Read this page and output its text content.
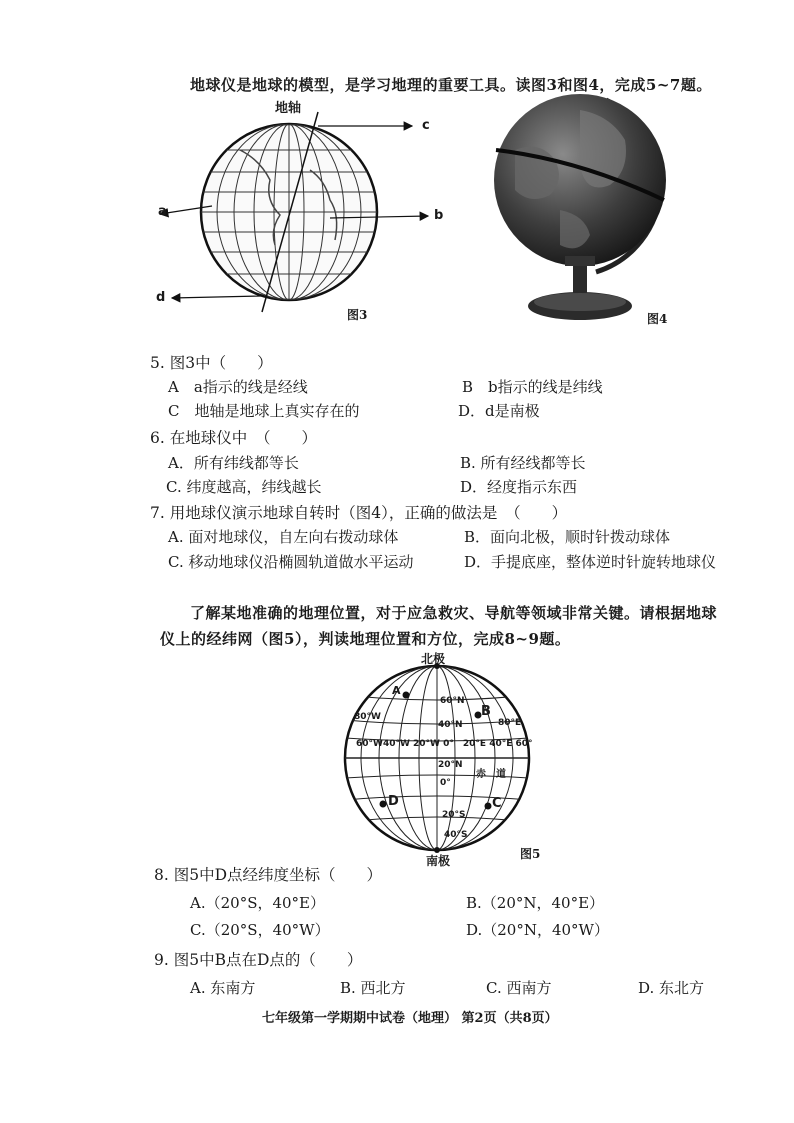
地球仪是地球的模型，是学习地理的重要工具。读图3和图4，完成5~7题。
地轴
a	b
c
d
图3	图4
5. 图3中（　　）
A　a指示的线是经线	B　b指示的线是纬线
C　地轴是地球上真实存在的	D．d是南极
6. 在地球仪中　（　　）
A．所有纬线都等长	B. 所有经线都等长
C. 纬度越高，纬线越长	D．经度指示东西
7. 用地球仪演示地球自转时（图4），正确的做法是　（　　）
A. 面对地球仪，自左向右拨动球体	B．面向北极，顺时针拨动球体
C. 移动地球仪沿椭圆轨道做水平运动	D．手提底座，整体逆时针旋转地球仪
了解某地准确的地理位置，对于应急救灾、导航等领域非常关键。请根据地球
仪上的经纬网（图5），判读地理位置和方位，完成8~9题。
北极
南极	图5
A
B
C
D
60°W40°W 20°W 0°　20°E 40°E 60°
80°W
80°E
60°N
40°N
20°N
0°
20°S
40°S
赤　道
8. 图5中D点经纬度坐标（　　）
A.（20°S，40°E）	B.（20°N，40°E）
C.（20°S，40°W）	D.（20°N，40°W）
9. 图5中B点在D点的（　　）
A. 东南方	B. 西北方	C. 西南方	D. 东北方
七年级第一学期期中试卷（地理） 第2页（共8页）
